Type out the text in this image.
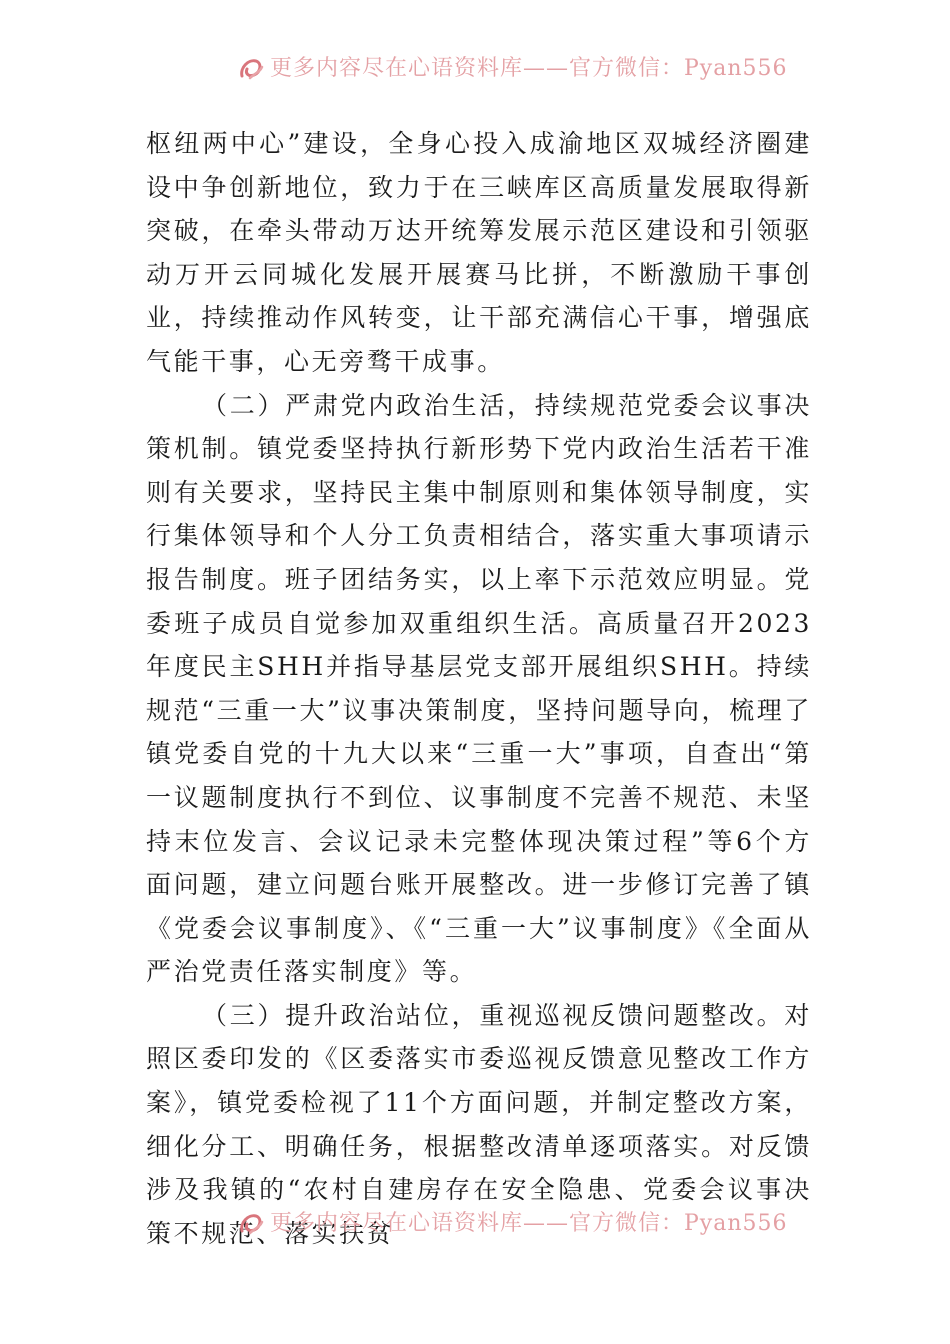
更多内容尽在心语资料库——官方微信：Pyan556

枢纽两中心”建设，全身心投入成渝地区双城经济圈建设中争创新地位，致力于在三峡库区高质量发展取得新突破，在牵头带动万达开统筹发展示范区建设和引领驱动万开云同城化发展开展赛马比拼，不断激励干事创业，持续推动作风转变，让干部充满信心干事，增强底气能干事，心无旁骛干成事。

（二）严肃党内政治生活，持续规范党委会议事决策机制。镇党委坚持执行新形势下党内政治生活若干准则有关要求，坚持民主集中制原则和集体领导制度，实行集体领导和个人分工负责相结合，落实重大事项请示报告制度。班子团结务实，以上率下示范效应明显。党委班子成员自觉参加双重组织生活。高质量召开2023年度民主SHH并指导基层党支部开展组织SHH。持续规范“三重一大”议事决策制度，坚持问题导向，梳理了镇党委自党的十九大以来“三重一大”事项，自查出“第一议题制度执行不到位、议事制度不完善不规范、未坚持末位发言、会议记录未完整体现决策过程”等6个方面问题，建立问题台账开展整改。进一步修订完善了镇《党委会议事制度》、《“三重一大”议事制度》《全面从严治党责任落实制度》等。

（三）提升政治站位，重视巡视反馈问题整改。对照区委印发的《区委落实市委巡视反馈意见整改工作方案》，镇党委检视了11个方面问题，并制定整改方案，细化分工、明确任务，根据整改清单逐项落实。对反馈涉及我镇的“农村自建房存在安全隐患、党委会议事决策不规范、落实扶贫

更多内容尽在心语资料库——官方微信：Pyan556
